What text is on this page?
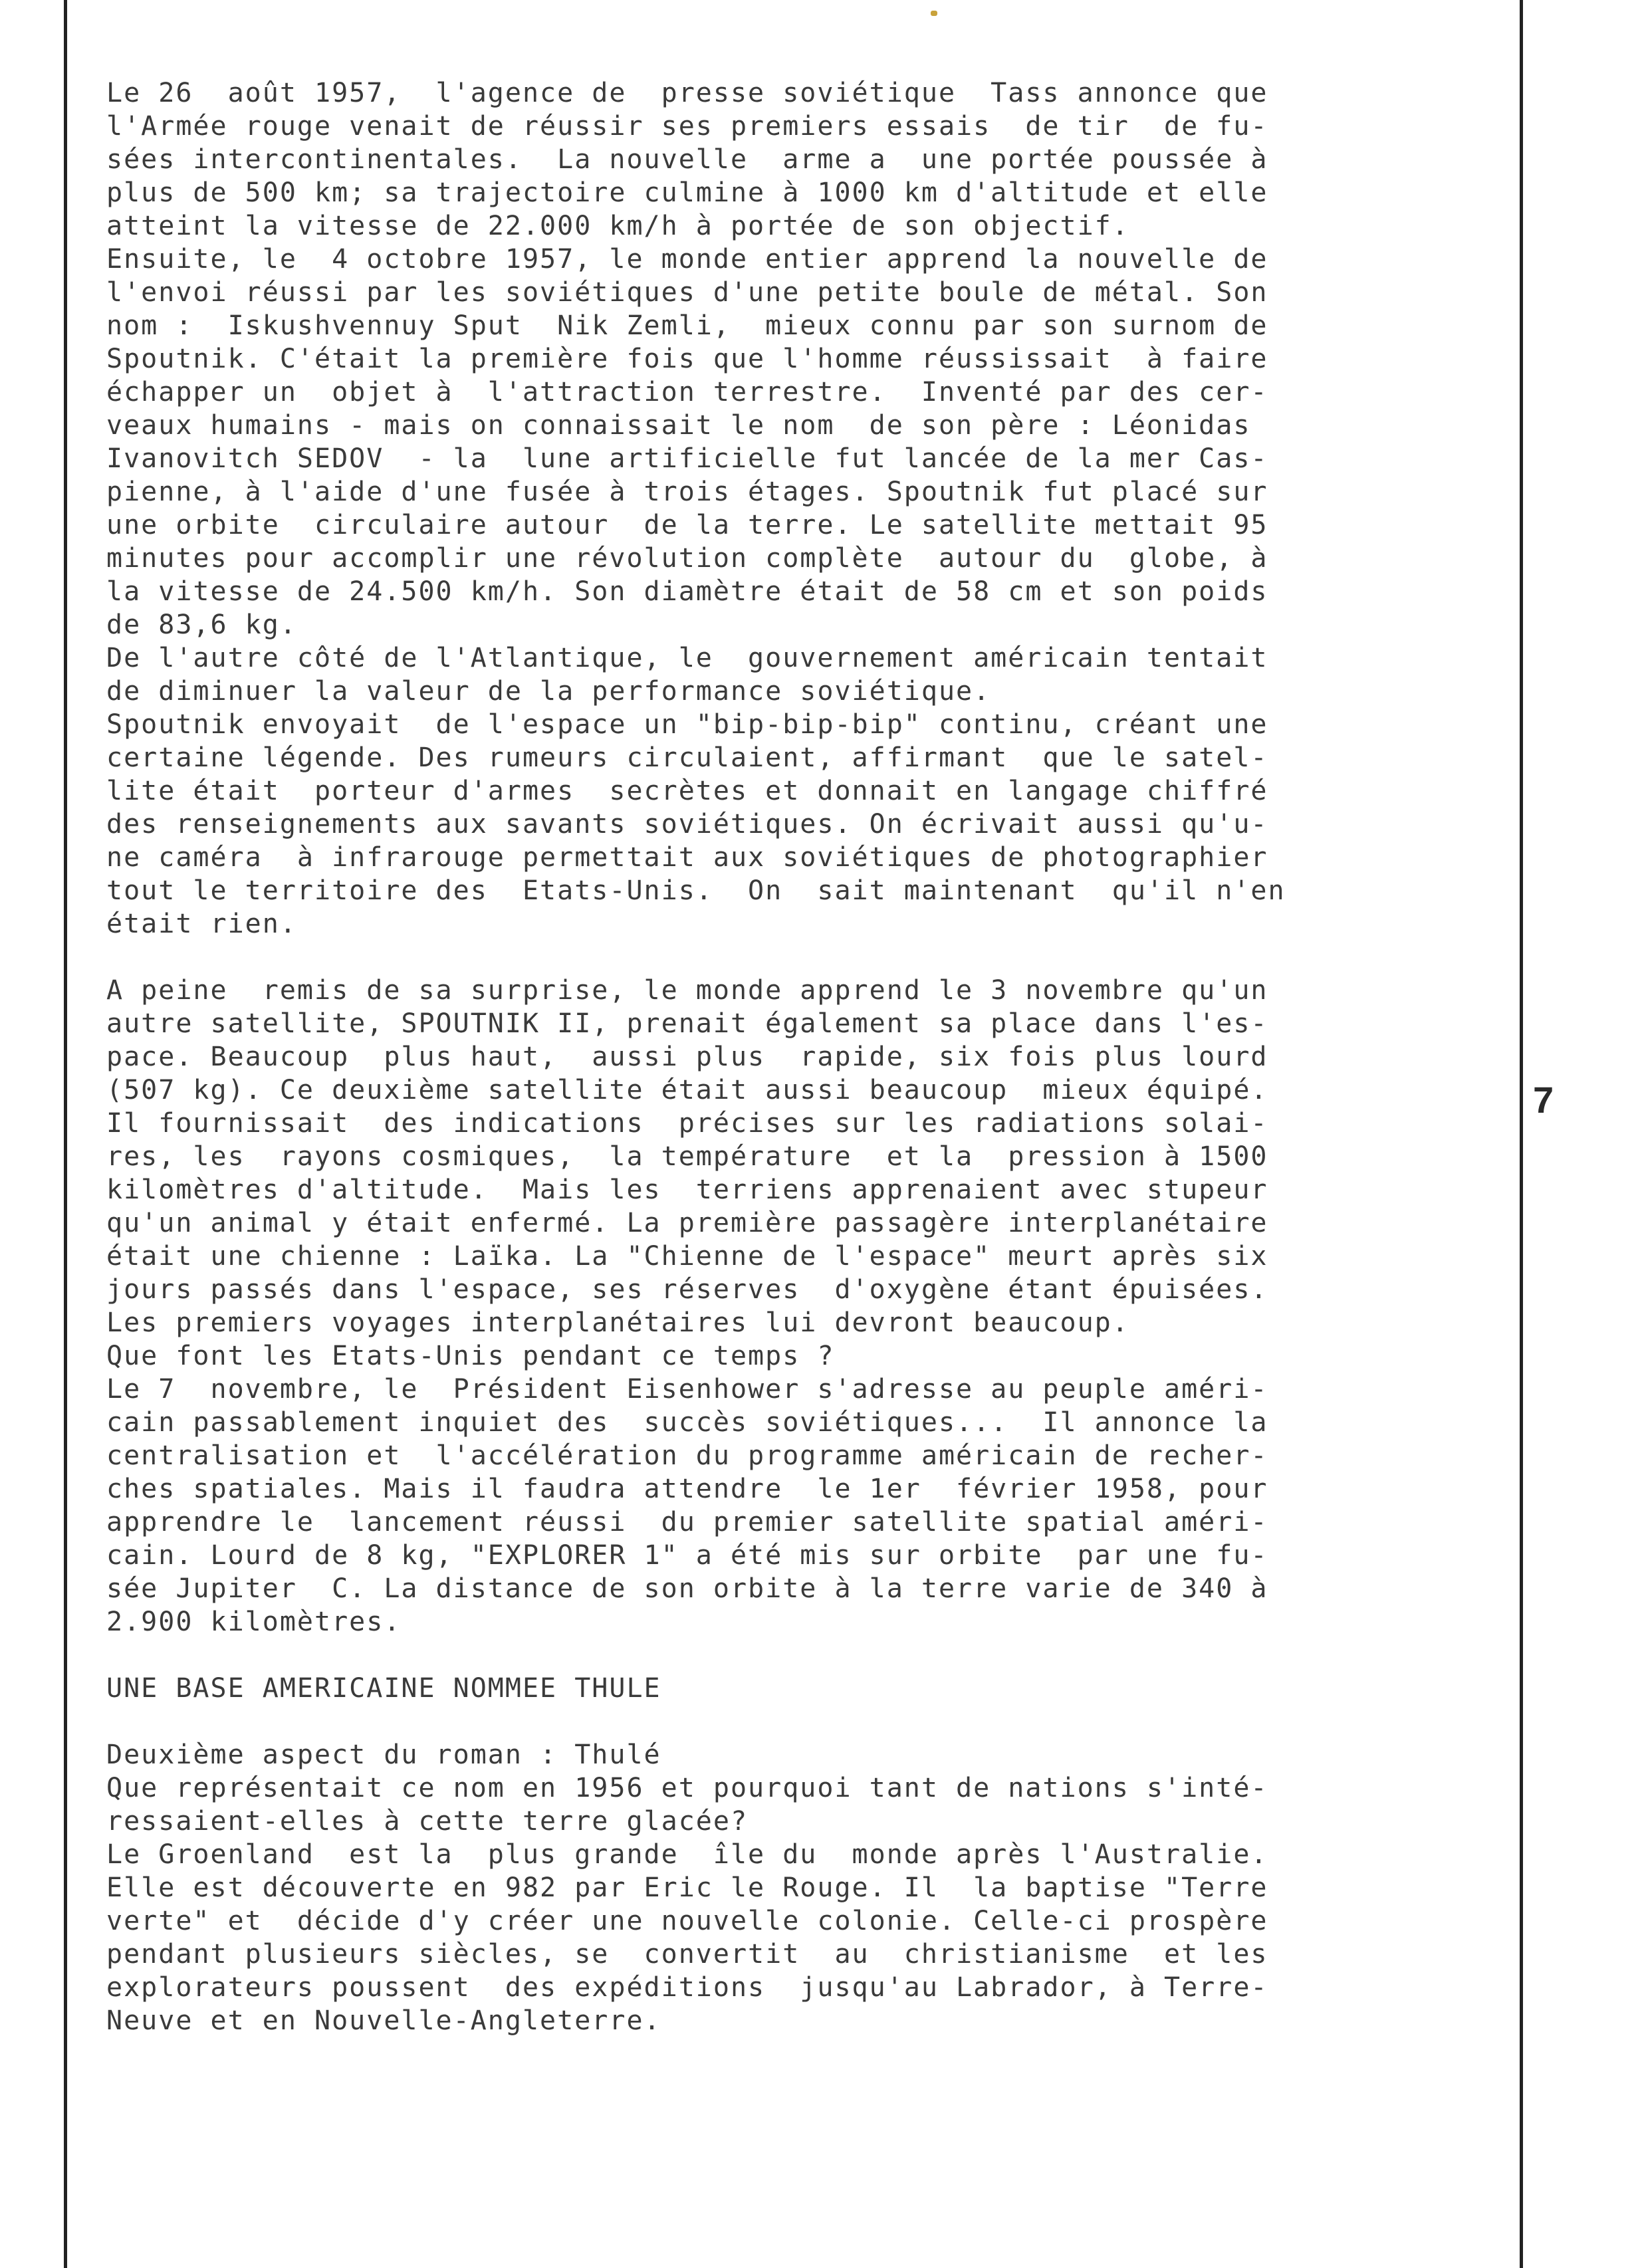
7
Le 26  août 1957,  l'agence de  presse soviétique  Tass annonce que
l'Armée rouge venait de réussir ses premiers essais  de tir  de fu-
sées intercontinentales.  La nouvelle  arme a  une portée poussée à
plus de 500 km; sa trajectoire culmine à 1000 km d'altitude et elle
atteint la vitesse de 22.000 km/h à portée de son objectif.
Ensuite, le  4 octobre 1957, le monde entier apprend la nouvelle de
l'envoi réussi par les soviétiques d'une petite boule de métal. Son
nom :  Iskushvennuy Sput  Nik Zemli,  mieux connu par son surnom de
Spoutnik. C'était la première fois que l'homme réussissait  à faire
échapper un  objet à  l'attraction terrestre.  Inventé par des cer-
veaux humains - mais on connaissait le nom  de son père : Léonidas
Ivanovitch SEDOV  - la  lune artificielle fut lancée de la mer Cas-
pienne, à l'aide d'une fusée à trois étages. Spoutnik fut placé sur
une orbite  circulaire autour  de la terre. Le satellite mettait 95
minutes pour accomplir une révolution complète  autour du  globe, à
la vitesse de 24.500 km/h. Son diamètre était de 58 cm et son poids
de 83,6 kg.
De l'autre côté de l'Atlantique, le  gouvernement américain tentait
de diminuer la valeur de la performance soviétique.
Spoutnik envoyait  de l'espace un "bip-bip-bip" continu, créant une
certaine légende. Des rumeurs circulaient, affirmant  que le satel-
lite était  porteur d'armes  secrètes et donnait en langage chiffré
des renseignements aux savants soviétiques. On écrivait aussi qu'u-
ne caméra  à infrarouge permettait aux soviétiques de photographier
tout le territoire des  Etats-Unis.  On  sait maintenant  qu'il n'en
était rien.
A peine  remis de sa surprise, le monde apprend le 3 novembre qu'un
autre satellite, SPOUTNIK II, prenait également sa place dans l'es-
pace. Beaucoup  plus haut,  aussi plus  rapide, six fois plus lourd
(507 kg). Ce deuxième satellite était aussi beaucoup  mieux équipé.
Il fournissait  des indications  précises sur les radiations solai-
res, les  rayons cosmiques,  la température  et la  pression à 1500
kilomètres d'altitude.  Mais les  terriens apprenaient avec stupeur
qu'un animal y était enfermé. La première passagère interplanétaire
était une chienne : Laïka. La "Chienne de l'espace" meurt après six
jours passés dans l'espace, ses réserves  d'oxygène étant épuisées.
Les premiers voyages interplanétaires lui devront beaucoup.
Que font les Etats-Unis pendant ce temps ?
Le 7  novembre, le  Président Eisenhower s'adresse au peuple améri-
cain passablement inquiet des  succès soviétiques...  Il annonce la
centralisation et  l'accélération du programme américain de recher-
ches spatiales. Mais il faudra attendre  le 1er  février 1958, pour
apprendre le  lancement réussi  du premier satellite spatial améri-
cain. Lourd de 8 kg, "EXPLORER 1" a été mis sur orbite  par une fu-
sée Jupiter  C. La distance de son orbite à la terre varie de 340 à
2.900 kilomètres.
UNE BASE AMERICAINE NOMMEE THULE
Deuxième aspect du roman : Thulé
Que représentait ce nom en 1956 et pourquoi tant de nations s'inté-
ressaient-elles à cette terre glacée?
Le Groenland  est la  plus grande  île du  monde après l'Australie.
Elle est découverte en 982 par Eric le Rouge. Il  la baptise "Terre
verte" et  décide d'y créer une nouvelle colonie. Celle-ci prospère
pendant plusieurs siècles, se  convertit  au  christianisme  et les
explorateurs poussent  des expéditions  jusqu'au Labrador, à Terre-
Neuve et en Nouvelle-Angleterre.
